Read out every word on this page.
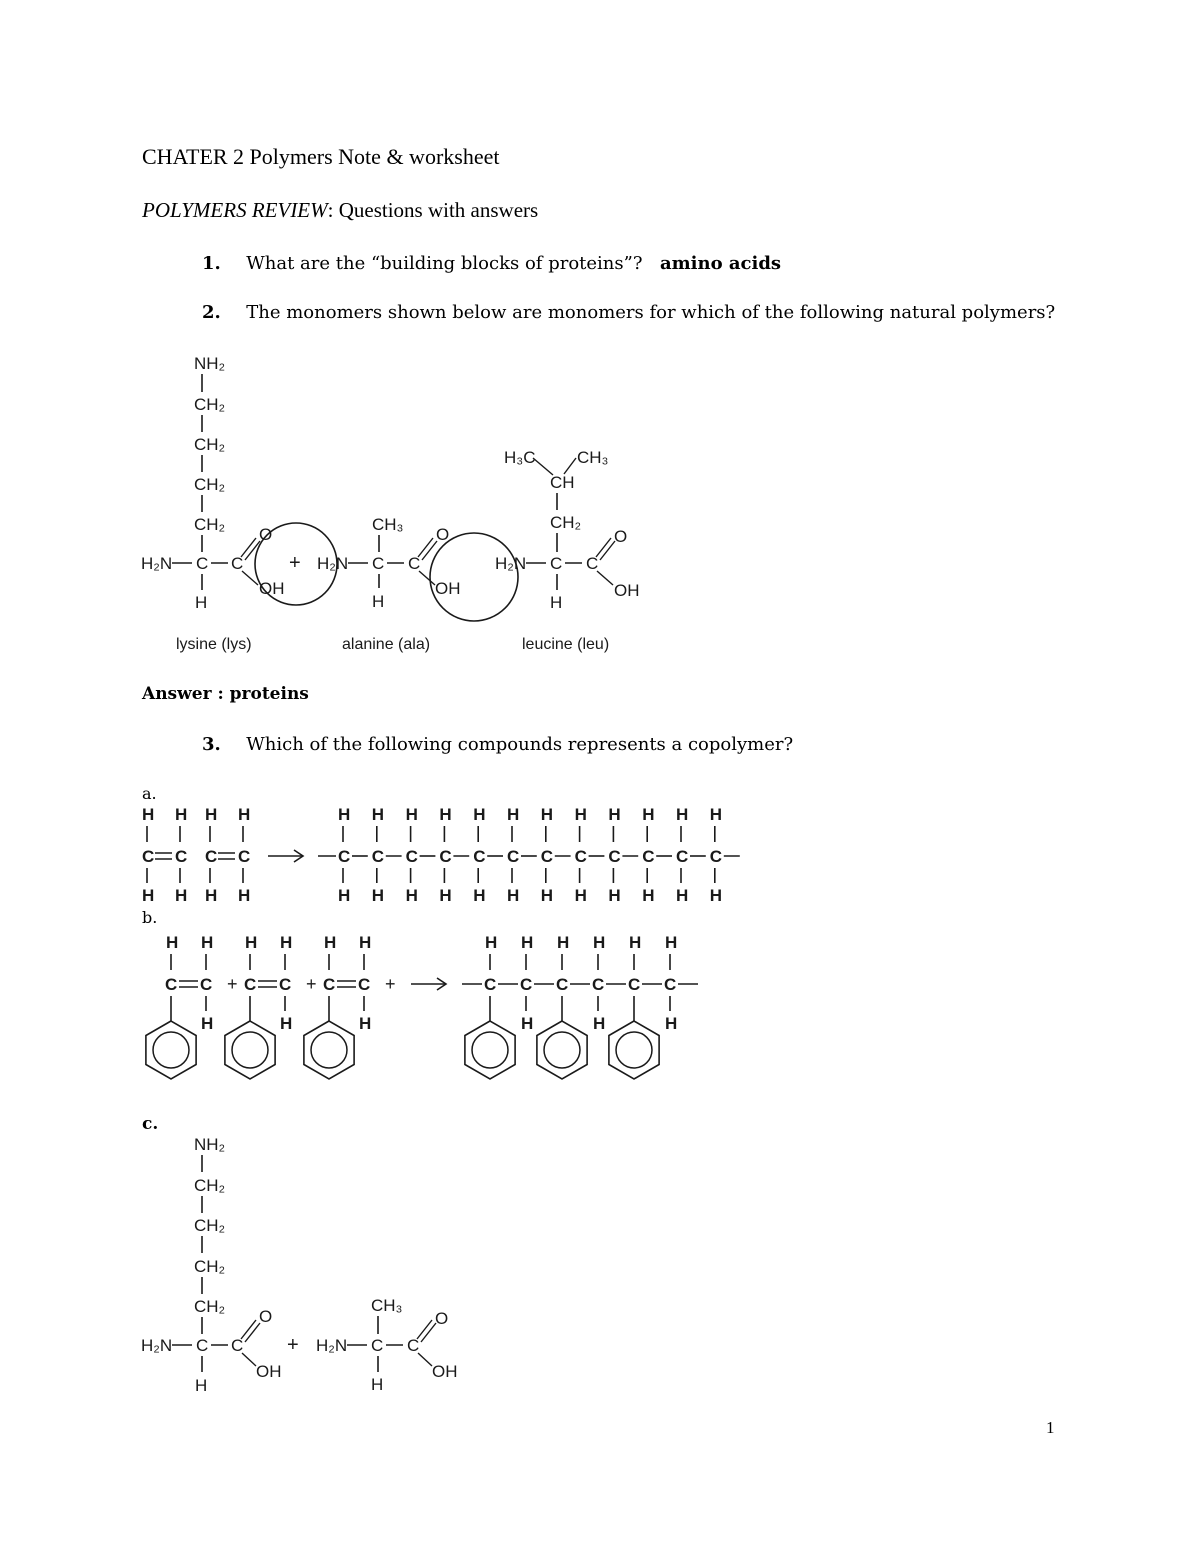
CHATER 2 Polymers Note & worksheet
POLYMERS REVIEW: Questions with answers
1. What are the “building blocks of proteins”? amino acids
2. The monomers shown below are monomers for which of the following natural polymers?
NH₂
CH₂
CH₂
CH₂
CH₂
H₂N C C
O
OH
H
+
CH₃
H₂N C C
O
OH
H
H₃C CH₃
CH
CH₂
H₂N C C
O
OH
H
lysine (lys)	alanine (ala)	leucine (leu)
Answer : proteins
3. Which of the following compounds represents a copolymer?
a.
b.
c.
H H
C C
H H
H H
C C
H H
H
C
H
H
C
H
H
C
H
H
C
H
H
C
H
H
C
H
H
C
H
H
C
H
H
C
H
H
C
H
H
C
H
H
C
H
H H
C C
H
+
H H
C C
H
+
H H
C C
H
+
H
C
H
C
H
H
C
H
C
H
H
C
H
C
H
NH₂
CH₂
CH₂
CH₂
CH₂
H₂N C C
O
OH
H
+
CH₃
H₂N C C
O
OH
H
1
